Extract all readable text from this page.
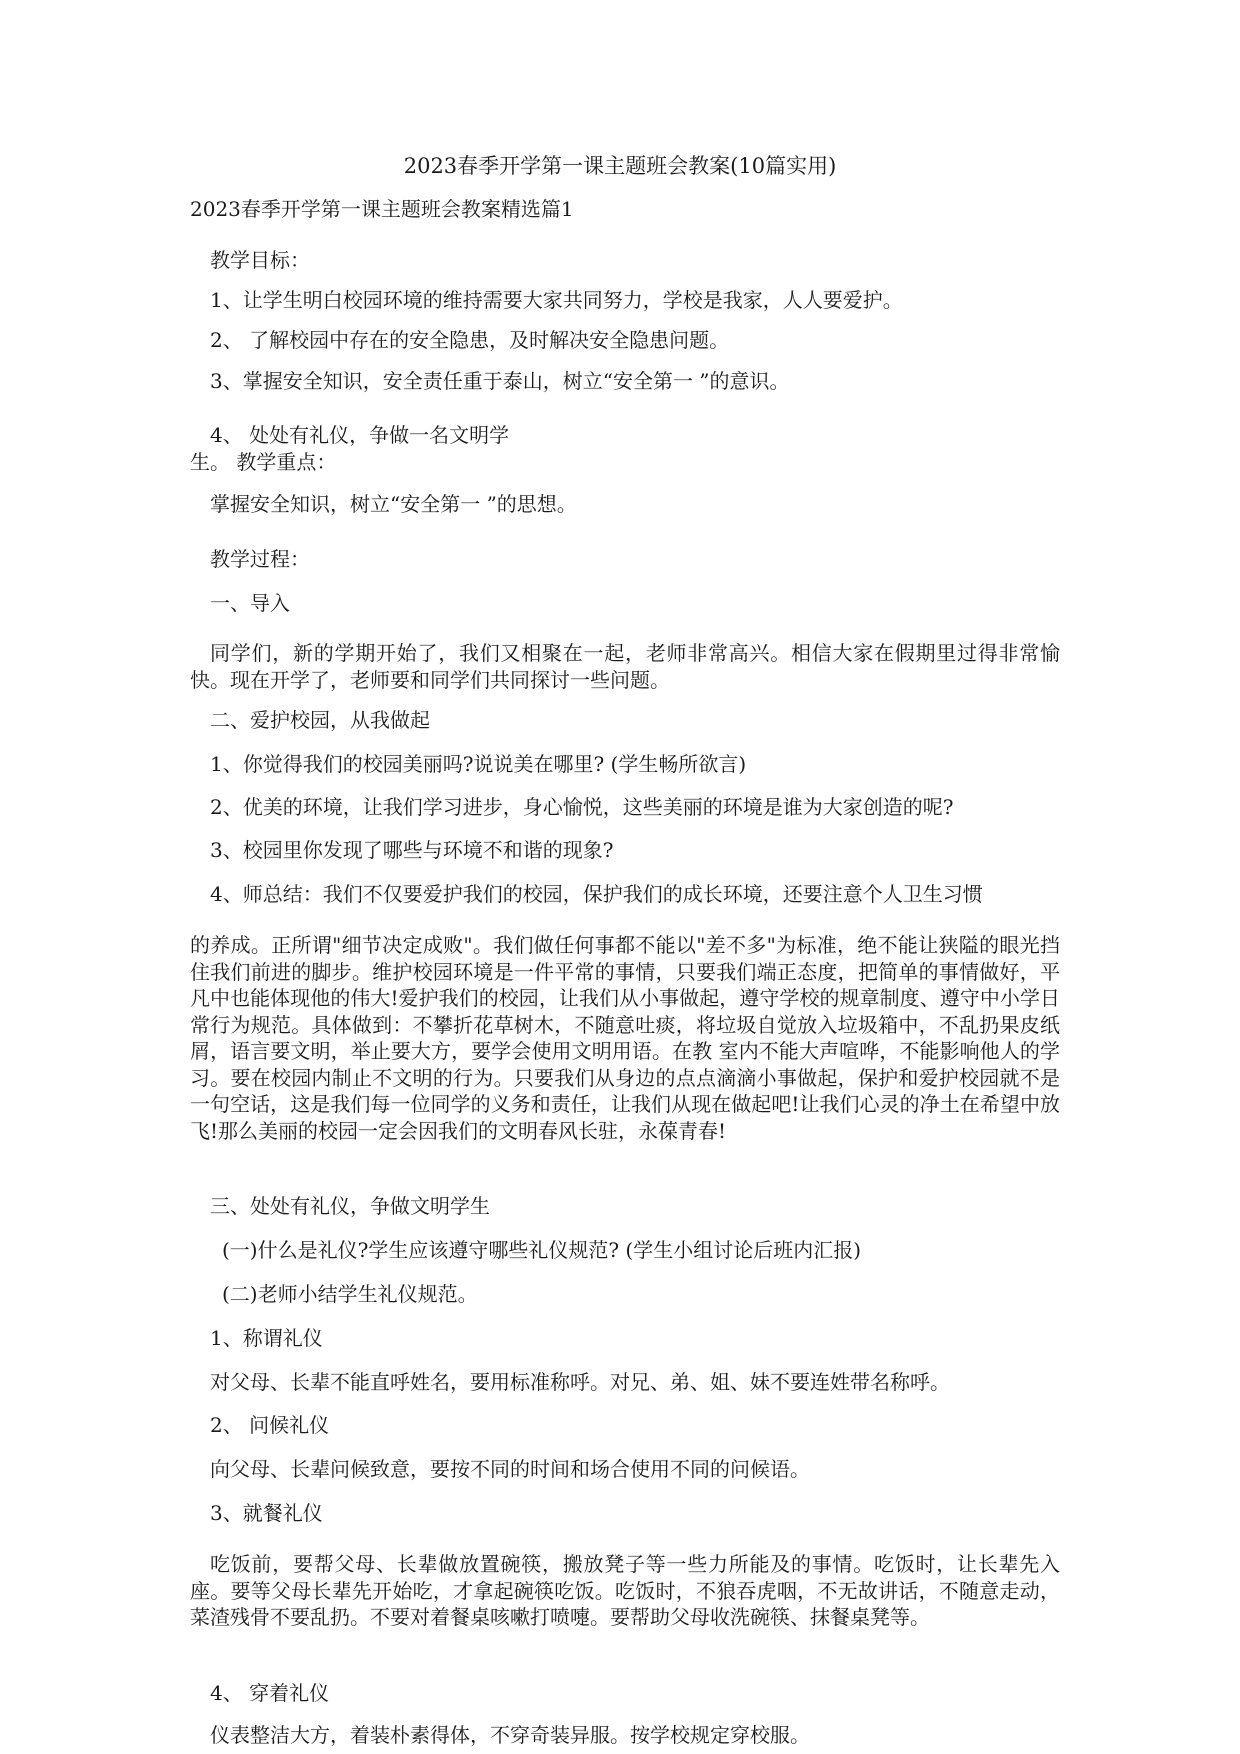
2023春季开学第一课主题班会教案(10篇实用)

2023春季开学第一课主题班会教案精选篇1

教学目标：

1、让学生明白校园环境的维持需要大家共同努力，学校是我家，人人要爱护。

2、 了解校园中存在的安全隐患，及时解决安全隐患问题。

3、掌握安全知识，安全责任重于泰山，树立“安全第一 ”的意识。

4、 处处有礼仪，争做一名文明学

生。 教学重点：

掌握安全知识，树立“安全第一 ”的思想。

教学过程：

一、导入

同学们，新的学期开始了，我们又相聚在一起，老师非常高兴。相信大家在假期里过得非常愉快。现在开学了，老师要和同学们共同探讨一些问题。

二、爱护校园，从我做起

1、你觉得我们的校园美丽吗?说说美在哪里? (学生畅所欲言)

2、优美的环境，让我们学习进步，身心愉悦，这些美丽的环境是谁为大家创造的呢?

3、校园里你发现了哪些与环境不和谐的现象?

4、师总结：我们不仅要爱护我们的校园，保护我们的成长环境，还要注意个人卫生习惯

的养成。正所谓"细节决定成败"。我们做任何事都不能以"差不多"为标准，绝不能让狭隘的眼光挡住我们前进的脚步。维护校园环境是一件平常的事情，只要我们端正态度，把简单的事情做好，平凡中也能体现他的伟大!爱护我们的校园，让我们从小事做起，遵守学校的规章制度、遵守中小学日常行为规范。具体做到：不攀折花草树木，不随意吐痰，将垃圾自觉放入垃圾箱中，不乱扔果皮纸屑，语言要文明，举止要大方，要学会使用文明用语。在教 室内不能大声喧哗，不能影响他人的学习。要在校园内制止不文明的行为。只要我们从身边的点点滴滴小事做起，保护和爱护校园就不是一句空话，这是我们每一位同学的义务和责任，让我们从现在做起吧!让我们心灵的净土在希望中放飞!那么美丽的校园一定会因我们的文明春风长驻，永葆青春!

三、处处有礼仪，争做文明学生

(一)什么是礼仪?学生应该遵守哪些礼仪规范? (学生小组讨论后班内汇报)

(二)老师小结学生礼仪规范。

1、称谓礼仪

对父母、长辈不能直呼姓名，要用标准称呼。对兄、弟、姐、妹不要连姓带名称呼。

2、 问候礼仪

向父母、长辈问候致意，要按不同的时间和场合使用不同的问候语。

3、就餐礼仪

吃饭前，要帮父母、长辈做放置碗筷，搬放凳子等一些力所能及的事情。吃饭时，让长辈先入座。要等父母长辈先开始吃，才拿起碗筷吃饭。吃饭时，不狼吞虎咽，不无故讲话，不随意走动，菜渣残骨不要乱扔。不要对着餐桌咳嗽打喷嚏。要帮助父母收洗碗筷、抹餐桌凳等。

4、 穿着礼仪

仪表整洁大方，着装朴素得体，不穿奇装异服。按学校规定穿校服。
